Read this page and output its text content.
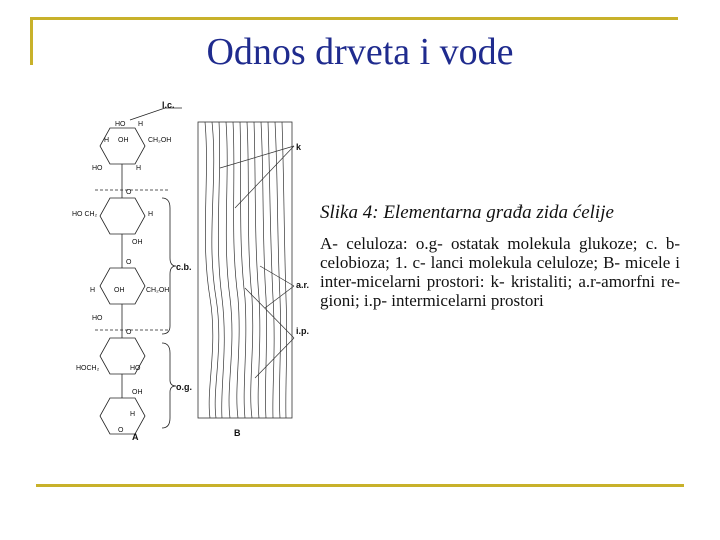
Odnos drveta i vode
HO H
H OH	CH₂OH
HO	H
O
HO CH₂	H
OH
O
H	OH	CH₂OH
HO
O
HOCH₂	HO
OH
H
O
l.c.
k
a.r.
i.p.
c.b.
o.g.
A	B
Slika 4: Elementarna građa zida ćelije
A- celuloza: o.g- ostatak molekula glukoze; c. b- celobioza; 1. c- lanci molekula celuloze; B- micele i inter-micelarni prostori: k- kristaliti; a.r-amorfni re-gioni; i.p- intermicelarni prostori
